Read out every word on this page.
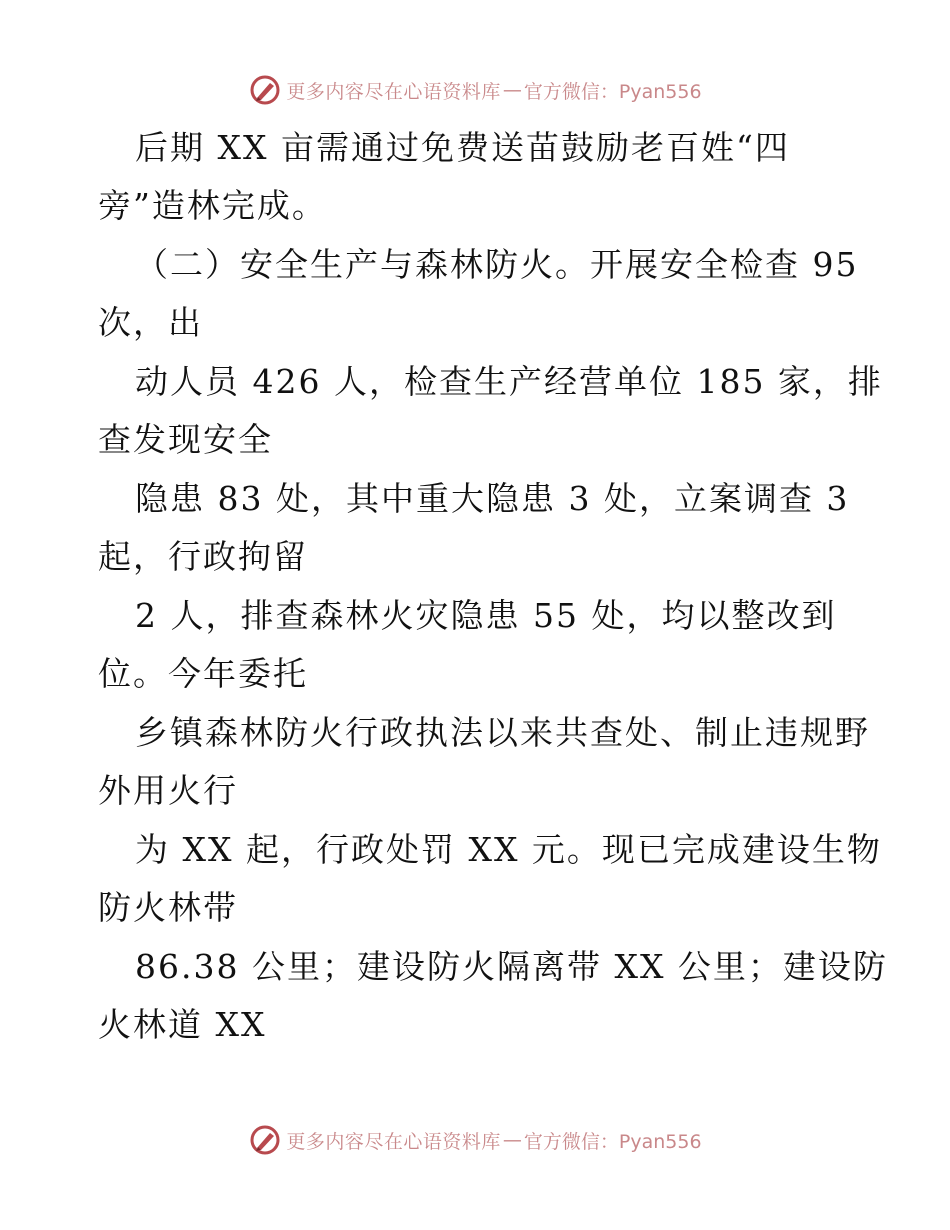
更多内容尽在心语资料库 — 官方微信：Pyan556
后期 XX 亩需通过免费送苗鼓励老百姓“四
旁”造林完成。
（二）安全生产与森林防火。开展安全检查 95
次，出
动人员 426 人，检查生产经营单位 185 家，排
查发现安全
隐患 83 处，其中重大隐患 3 处，立案调查 3
起，行政拘留
2 人，排查森林火灾隐患 55 处，均以整改到
位。今年委托
乡镇森林防火行政执法以来共查处、制止违规野
外用火行
为 XX 起，行政处罚 XX 元。现已完成建设生物
防火林带
86.38 公里；建设防火隔离带 XX 公里；建设防
火林道 XX
更多内容尽在心语资料库 — 官方微信：Pyan556
